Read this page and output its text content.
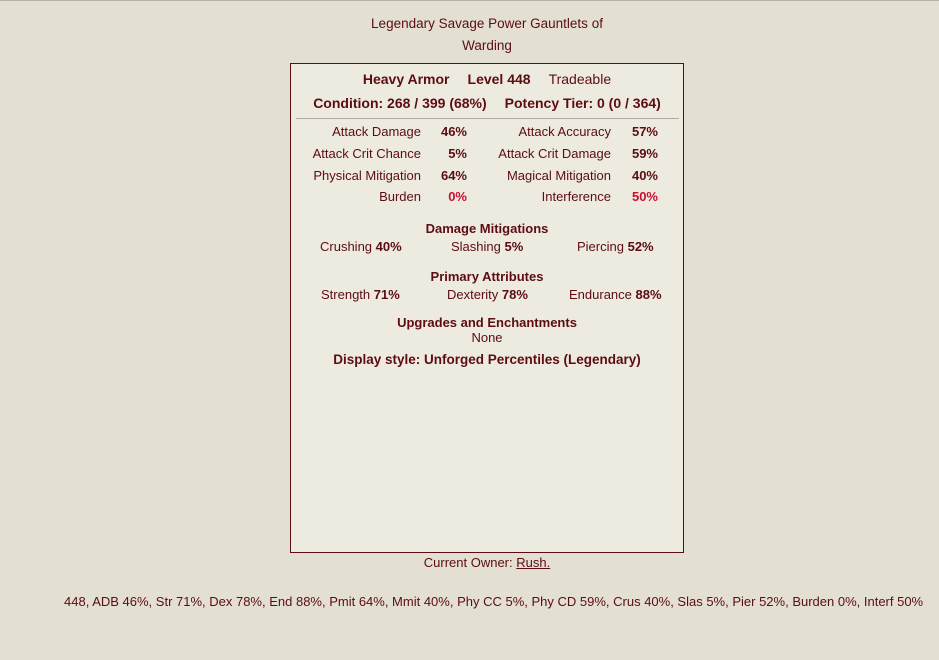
Legendary Savage Power Gauntlets of
Warding
Heavy Armor Level 448 Tradeable
Condition: 268 / 399 (68%) Potency Tier: 0 (0 / 364)
Attack Damage	46%	Attack Accuracy	57%
Attack Crit Chance	5%	Attack Crit Damage	59%
Physical Mitigation	64%	Magical Mitigation	40%
Burden	0%	Interference	50%
Damage Mitigations
Crushing 40%	Slashing 5%	Piercing 52%
Primary Attributes
Strength 71%	Dexterity 78%	Endurance 88%
Upgrades and Enchantments
None
Display style: Unforged Percentiles (Legendary)
Current Owner: Rush.
448, ADB 46%, Str 71%, Dex 78%, End 88%, Pmit 64%, Mmit 40%, Phy CC 5%, Phy CD 59%, Crus 40%, Slas 5%, Pier 52%, Burden 0%, Interf 50%
